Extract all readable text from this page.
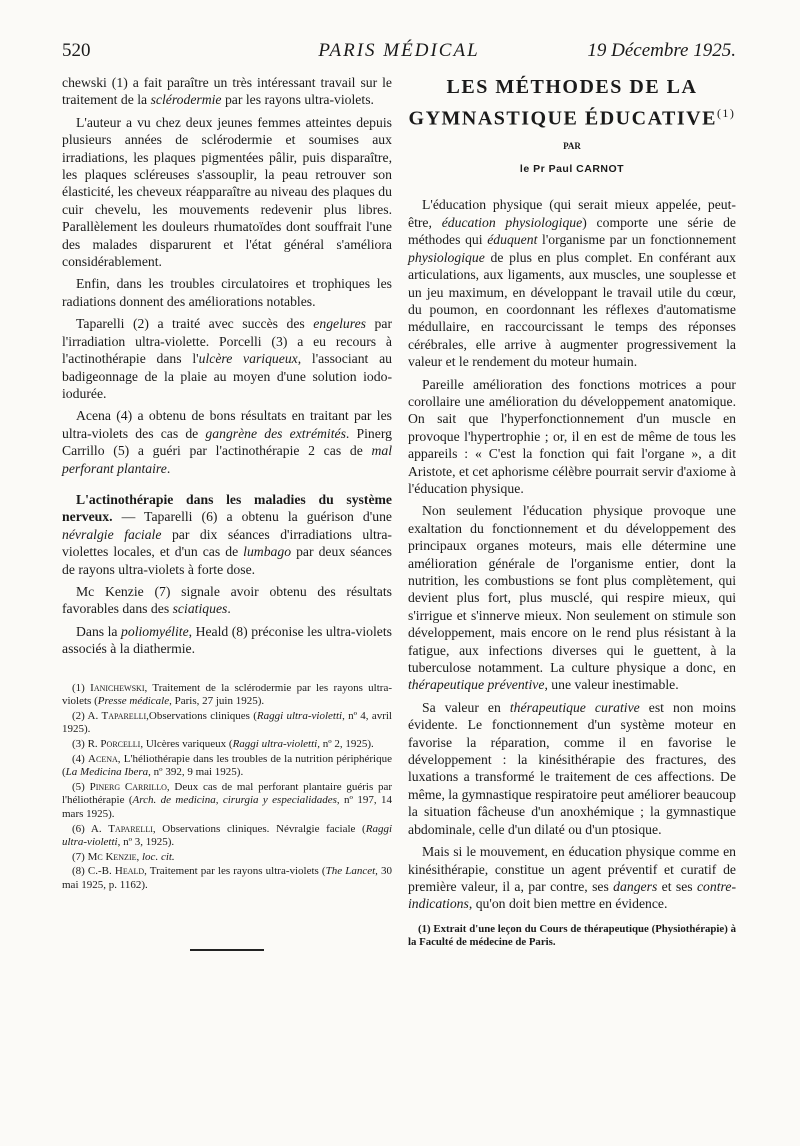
520	PARIS MÉDICAL	19 Décembre 1925.

chewski (1) a fait paraître un très intéressant travail sur le traitement de la sclérodermie par les rayons ultra-violets.

L'auteur a vu chez deux jeunes femmes atteintes depuis plusieurs années de sclérodermie et soumises aux irradiations, les plaques pigmentées pâlir, puis disparaître, les plaques scléreuses s'assouplir, la peau retrouver son élasticité, les cheveux réapparaître au niveau des plaques du cuir chevelu, les mouvements redevenir plus libres. Parallèlement les douleurs rhumatoïdes dont souffrait l'une des malades disparurent et l'état général s'améliora considérablement.

Enfin, dans les troubles circulatoires et trophiques les radiations donnent des améliorations notables.

Taparelli (2) a traité avec succès des engelures par l'irradiation ultra-violette. Porcelli (3) a eu recours à l'actinothérapie dans l'ulcère variqueux, l'associant au badigeonnage de la plaie au moyen d'une solution iodo-iodurée.

Acena (4) a obtenu de bons résultats en traitant par les ultra-violets des cas de gangrène des extrémités. Pinerg Carrillo (5) a guéri par l'actinothérapie 2 cas de mal perforant plantaire.

L'actinothérapie dans les maladies du système nerveux. — Taparelli (6) a obtenu la guérison d'une névralgie faciale par dix séances d'irradiations ultra-violettes locales, et d'un cas de lumbago par deux séances de rayons ultra-violets à forte dose.

Mc Kenzie (7) signale avoir obtenu des résultats favorables dans des sciatiques.

Dans la poliomyélite, Heald (8) préconise les ultra-violets associés à la diathermie.

(1) Ianichewski, Traitement de la sclérodermie par les rayons ultra-violets (Presse médicale, Paris, 27 juin 1925).

(2) A. Taparelli,Observations cliniques (Raggi ultra-violetti, nº 4, avril 1925).

(3) R. Porcelli, Ulcères variqueux (Raggi ultra-violetti, nº 2, 1925).

(4) Acena, L'héliothérapie dans les troubles de la nutrition périphérique (La Medicina Ibera, nº 392, 9 mai 1925).

(5) Pinerg Carrillo, Deux cas de mal perforant plantaire guéris par l'héliothérapie (Arch. de medicina, cirurgia y especialidades, nº 197, 14 mars 1925).

(6) A. Taparelli, Observations cliniques. Névralgie faciale (Raggi ultra-violetti, nº 3, 1925).

(7) Mc Kenzie, loc. cit.

(8) C.-B. Heald, Traitement par les rayons ultra-violets (The Lancet, 30 mai 1925, p. 1162).

LES MÉTHODES DE LA
GYMNASTIQUE ÉDUCATIVE$^{(1)}$
PAR
le Pr Paul CARNOT

L'éducation physique (qui serait mieux appelée, peut-être, éducation physiologique) comporte une série de méthodes qui éduquent l'organisme par un fonctionnement physiologique de plus en plus complet. En conférant aux articulations, aux ligaments, aux muscles, une souplesse et un jeu maximum, en développant le travail utile du cœur, du poumon, en coordonnant les réflexes d'automatisme médullaire, en raccourcissant le temps des réponses cérébrales, elle arrive à augmenter progressivement la valeur et le rendement du moteur humain.

Pareille amélioration des fonctions motrices a pour corollaire une amélioration du développement anatomique. On sait que l'hyperfonctionnement d'un muscle en provoque l'hypertrophie ; or, il en est de même de tous les appareils : « C'est la fonction qui fait l'organe », a dit Aristote, et cet aphorisme célèbre pourrait servir d'axiome à l'éducation physique.

Non seulement l'éducation physique provoque une exaltation du fonctionnement et du développement des principaux organes moteurs, mais elle détermine une amélioration générale de l'organisme entier, dont la nutrition, les combustions se font plus complètement, qui devient plus fort, plus musclé, qui respire mieux, qui s'irrigue et s'innerve mieux. Non seulement on stimule son développement, mais encore on le rend plus résistant à la fatigue, aux infections diverses qui le guettent, à la tuberculose notamment. La culture physique a donc, en thérapeutique préventive, une valeur inestimable.

Sa valeur en thérapeutique curative est non moins évidente. Le fonctionnement d'un système moteur en favorise la réparation, comme il en favorise le développement : la kinésithérapie des fractures, des luxations a transformé le traitement de ces affections. De même, la gymnastique respiratoire peut améliorer beaucoup la situation fâcheuse d'un anoxhémique ; la gymnastique abdominale, celle d'un dilaté ou d'un ptosique.

Mais si le mouvement, en éducation physique comme en kinésithérapie, constitue un agent préventif et curatif de première valeur, il a, par contre, ses dangers et ses contre-indications, qu'on doit bien mettre en évidence.

(1) Extrait d'une leçon du Cours de thérapeutique (Physiothérapie) à la Faculté de médecine de Paris.
